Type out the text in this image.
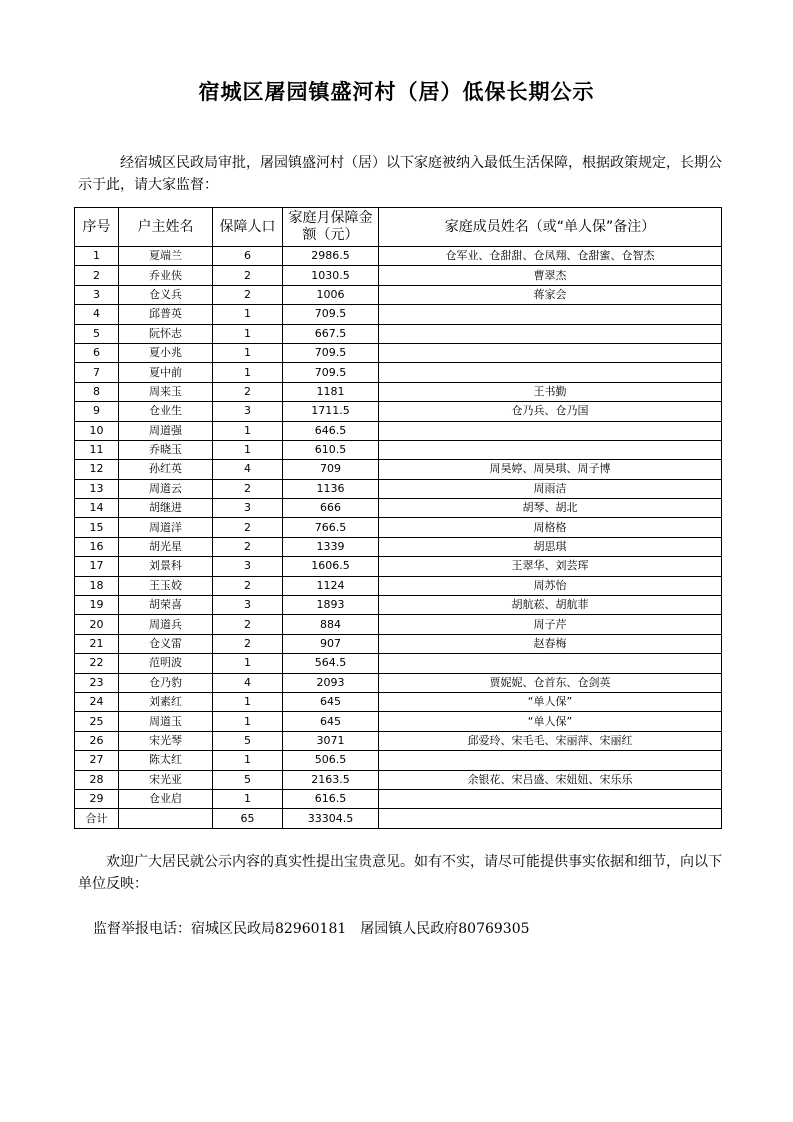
宿城区屠园镇盛河村（居）低保长期公示
经宿城区民政局审批，屠园镇盛河村（居）以下家庭被纳入最低生活保障，根据政策规定，长期公示于此，请大家监督：
序号	户主姓名	保障人口	家庭月保障金额（元）	家庭成员姓名（或“单人保”备注）
1	夏端兰	6	2986.5	仓军业、仓甜甜、仓凤翔、仓甜蜜、仓智杰
2	乔业侠	2	1030.5	曹翠杰
3	仓义兵	2	1006	蒋家会
4	邱普英	1	709.5	
5	阮怀志	1	667.5	
6	夏小兆	1	709.5	
7	夏中前	1	709.5	
8	周来玉	2	1181	王书勤
9	仓业生	3	1711.5	仓乃兵、仓乃国
10	周道强	1	646.5	
11	乔晓玉	1	610.5	
12	孙红英	4	709	周昊婷、周昊琪、周子博
13	周道云	2	1136	周雨洁
14	胡继进	3	666	胡琴、胡北
15	周道洋	2	766.5	周格格
16	胡光星	2	1339	胡思琪
17	刘景科	3	1606.5	王翠华、刘芸珲
18	王玉姣	2	1124	周苏怡
19	胡荣喜	3	1893	胡航菘、胡航菲
20	周道兵	2	884	周子芹
21	仓义雷	2	907	赵春梅
22	范明波	1	564.5	
23	仓乃豹	4	2093	贾妮妮、仓首东、仓剑英
24	刘素红	1	645	“单人保”
25	周道玉	1	645	“单人保”
26	宋光琴	5	3071	邱爱玲、宋毛毛、宋丽萍、宋丽红
27	陈太红	1	506.5	
28	宋光亚	5	2163.5	余银花、宋吕盛、宋妞妞、宋乐乐
29	仓业启	1	616.5	
合计		65	33304.5	
欢迎广大居民就公示内容的真实性提出宝贵意见。如有不实，请尽可能提供事实依据和细节，向以下单位反映：
监督举报电话：宿城区民政局82960181　屠园镇人民政府80769305
